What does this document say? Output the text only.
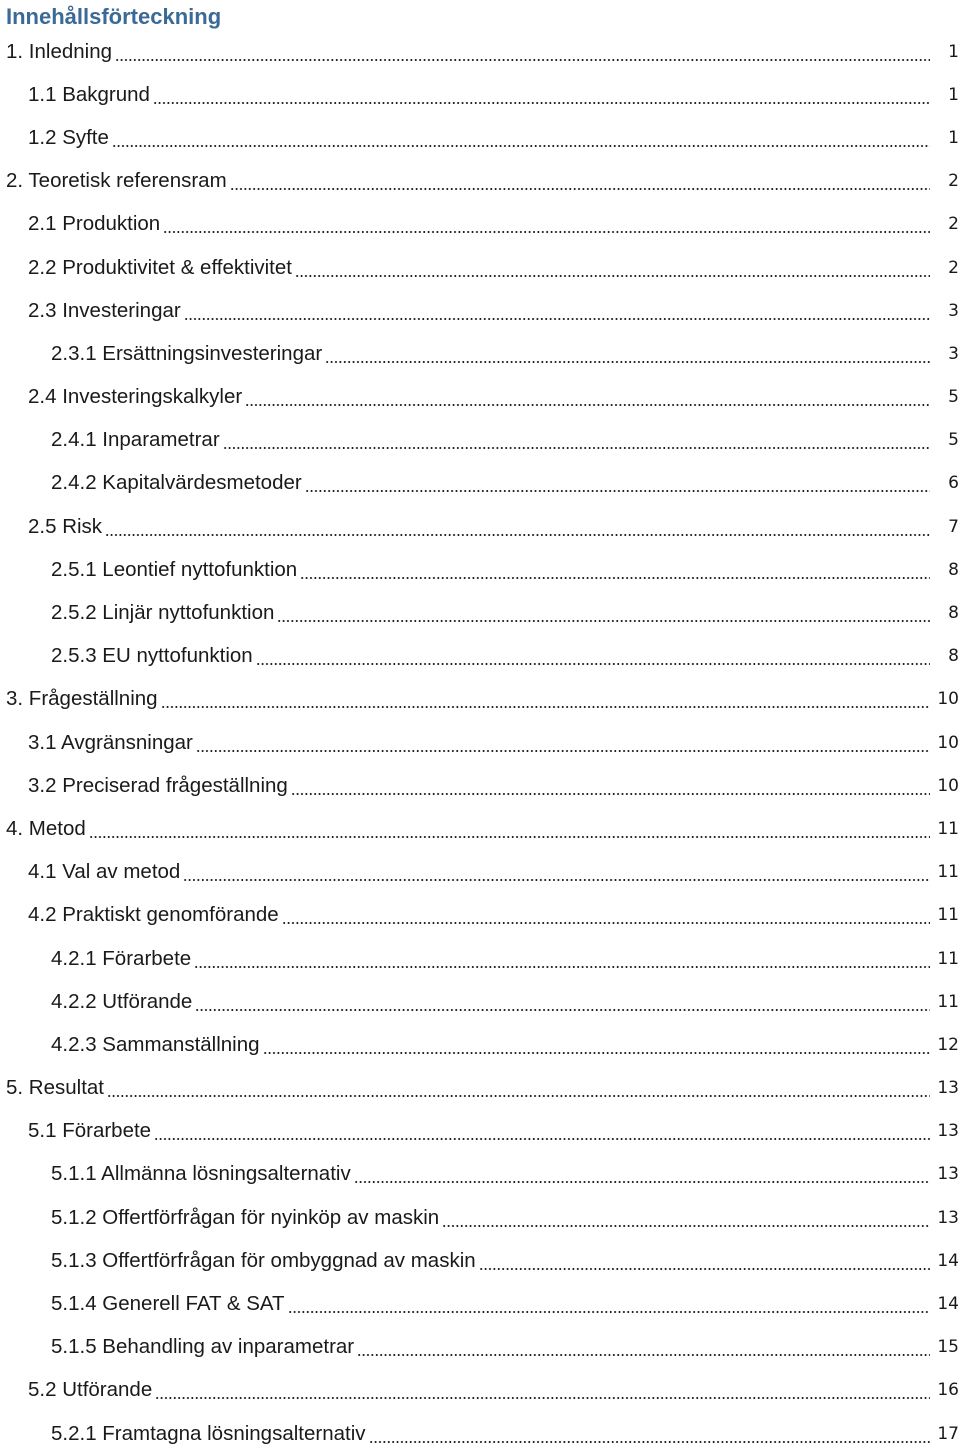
Innehållsförteckning
1. Inledning	1
1.1 Bakgrund	1
1.2 Syfte	1
2. Teoretisk referensram	2
2.1 Produktion	2
2.2 Produktivitet & effektivitet	2
2.3 Investeringar	3
2.3.1 Ersättningsinvesteringar	3
2.4 Investeringskalkyler	5
2.4.1 Inparametrar	5
2.4.2 Kapitalvärdesmetoder	6
2.5 Risk	7
2.5.1 Leontief nyttofunktion	8
2.5.2 Linjär nyttofunktion	8
2.5.3 EU nyttofunktion	8
3. Frågeställning	10
3.1 Avgränsningar	10
3.2 Preciserad frågeställning	10
4. Metod	11
4.1 Val av metod	11
4.2 Praktiskt genomförande	11
4.2.1 Förarbete	11
4.2.2 Utförande	11
4.2.3 Sammanställning	12
5. Resultat	13
5.1 Förarbete	13
5.1.1 Allmänna lösningsalternativ	13
5.1.2 Offertförfrågan för nyinköp av maskin	13
5.1.3 Offertförfrågan för ombyggnad av maskin	14
5.1.4 Generell FAT & SAT	14
5.1.5 Behandling av inparametrar	15
5.2 Utförande	16
5.2.1 Framtagna lösningsalternativ	17
